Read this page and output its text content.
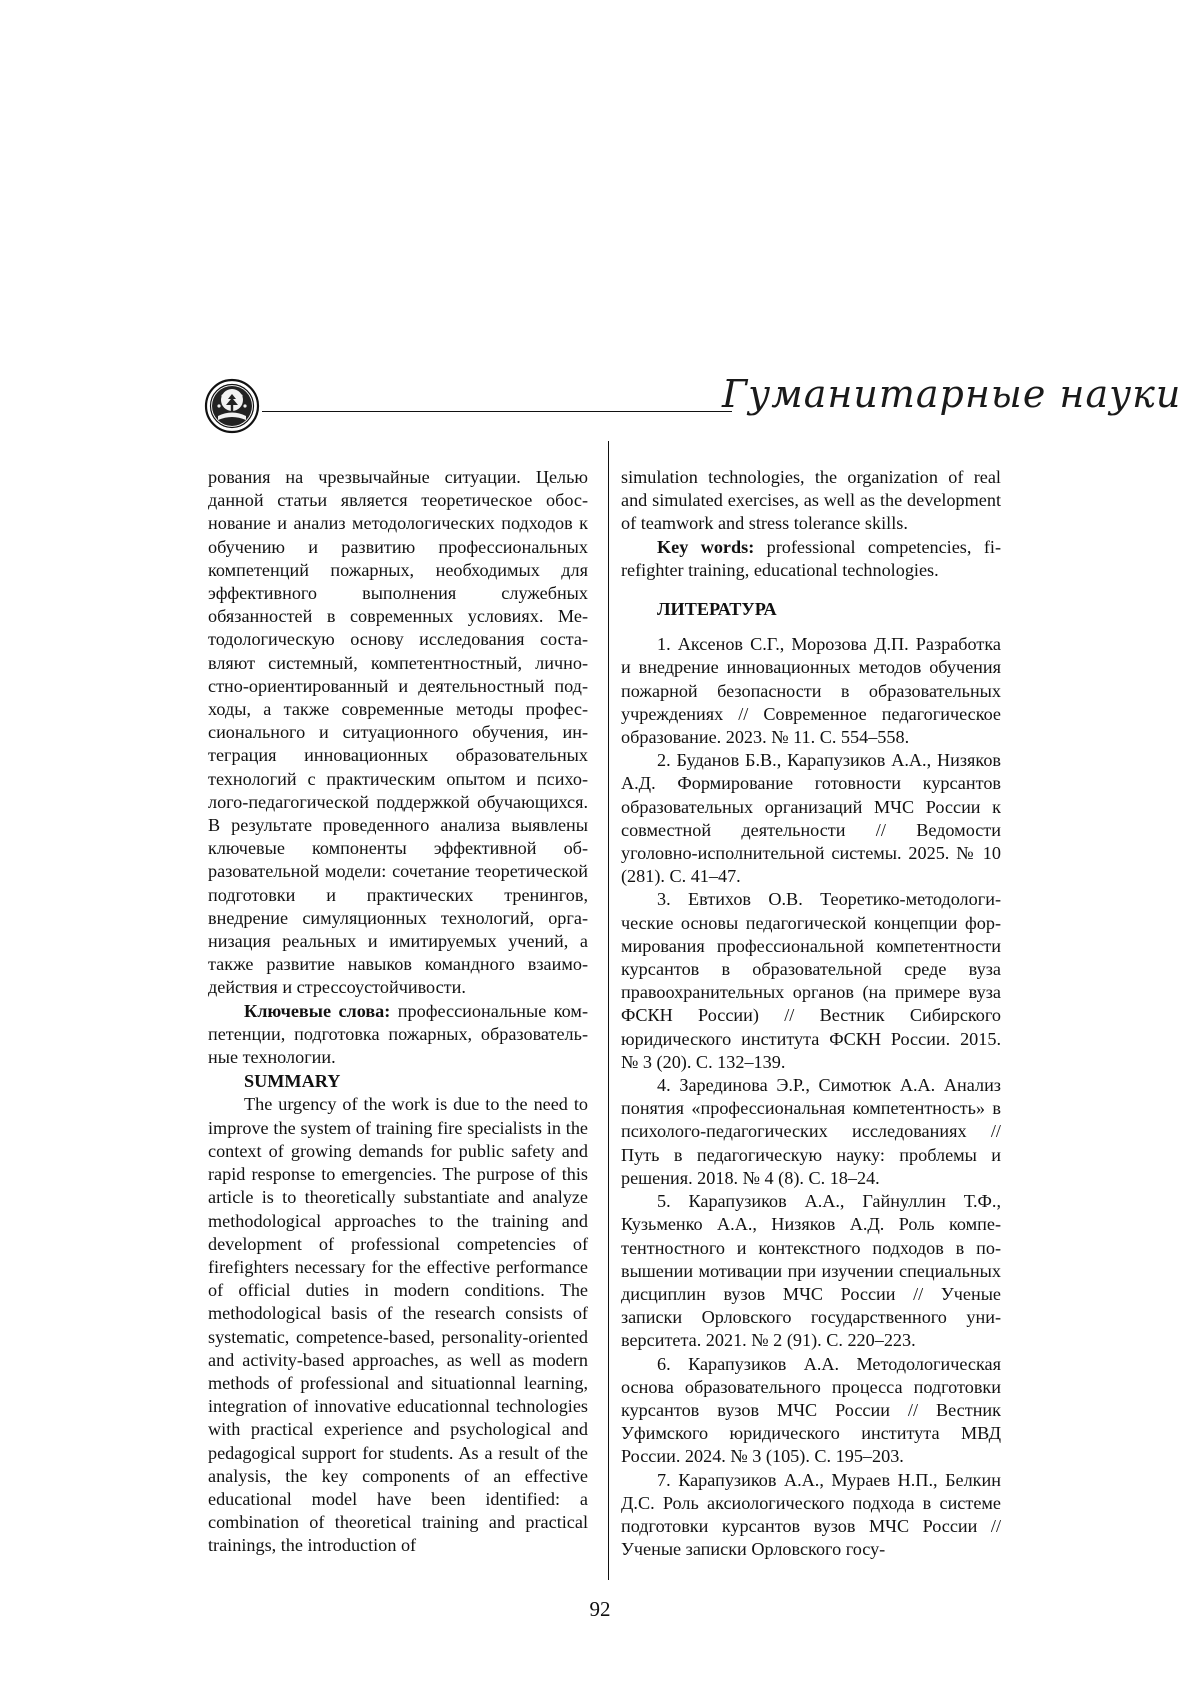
Гуманитарные науки

рования на чрезвычайные ситуации. Целью данной статьи является теоретическое обоснование и анализ методологических подходов к обучению и развитию профессиональных компетенций пожарных, необходимых для эффективного выполнения служебных обязанностей в современных условиях. Методологическую основу исследования составляют системный, компетентностный, личностно-ориентированный и деятельностный подходы, а также современные методы профессионального и ситуационного обучения, интеграция инновационных образовательных технологий с практическим опытом и психолого-педагогической поддержкой обучающихся. В результате проведенного анализа выявлены ключевые компоненты эффективной образовательной модели: сочетание теоретической подготовки и практических тренингов, внедрение симуляционных технологий, организация реальных и имитируемых учений, а также развитие навыков командного взаимодействия и стрессоустойчивости.

Ключевые слова: профессиональные компетенции, подготовка пожарных, образовательные технологии.

SUMMARY

The urgency of the work is due to the need to improve the system of training fire specialists in the context of growing demands for public safety and rapid response to emergencies. The purpose of this article is to theoretically substantiate and analyze methodological approaches to the training and development of professional competencies of firefighters necessary for the effective performance of official duties in modern conditions. The methodological basis of the research consists of systematic, competence-based, personality-oriented and activity-based approaches, as well as modern methods of professional and situationnal learning, integration of innovative educationnal technologies with practical experience and psychological and pedagogical support for students. As a result of the analysis, the key components of an effective educational model have been identified: a combination of theoretical training and practical trainings, the introduction of

simulation technologies, the organization of real and simulated exercises, as well as the development of teamwork and stress tolerance skills.

Key words: professional competencies, firefighter training, educational technologies.

ЛИТЕРАТУРА

1. Аксенов С.Г., Морозова Д.П. Разработка и внедрение инновационных методов обучения пожарной безопасности в образовательных учреждениях // Современное педагогическое образование. 2023. № 11. С. 554–558.

2. Буданов Б.В., Карапузиков А.А., Низяков А.Д. Формирование готовности курсантов образовательных организаций МЧС России к совместной деятельности // Ведомости уголовно-исполнительной системы. 2025. № 10 (281). С. 41–47.

3. Евтихов О.В. Теоретико-методологические основы педагогической концепции формирования профессиональной компетентности курсантов в образовательной среде вуза правоохранительных органов (на примере вуза ФСКН России) // Вестник Сибирского юридического института ФСКН России. 2015. № 3 (20). С. 132–139.

4. Зарединова Э.Р., Симотюк А.А. Анализ понятия «профессиональная компетентность» в психолого-педагогических исследованиях // Путь в педагогическую науку: проблемы и решения. 2018. № 4 (8). С. 18–24.

5. Карапузиков А.А., Гайнуллин Т.Ф., Кузьменко А.А., Низяков А.Д. Роль компетентностного и контекстного подходов в повышении мотивации при изучении специальных дисциплин вузов МЧС России // Ученые записки Орловского государственного университета. 2021. № 2 (91). С. 220–223.

6. Карапузиков А.А. Методологическая основа образовательного процесса подготовки курсантов вузов МЧС России // Вестник Уфимского юридического института МВД России. 2024. № 3 (105). С. 195–203.

7. Карапузиков А.А., Мураев Н.П., Белкин Д.С. Роль аксиологического подхода в системе подготовки курсантов вузов МЧС России // Ученые записки Орловского госу-

92
